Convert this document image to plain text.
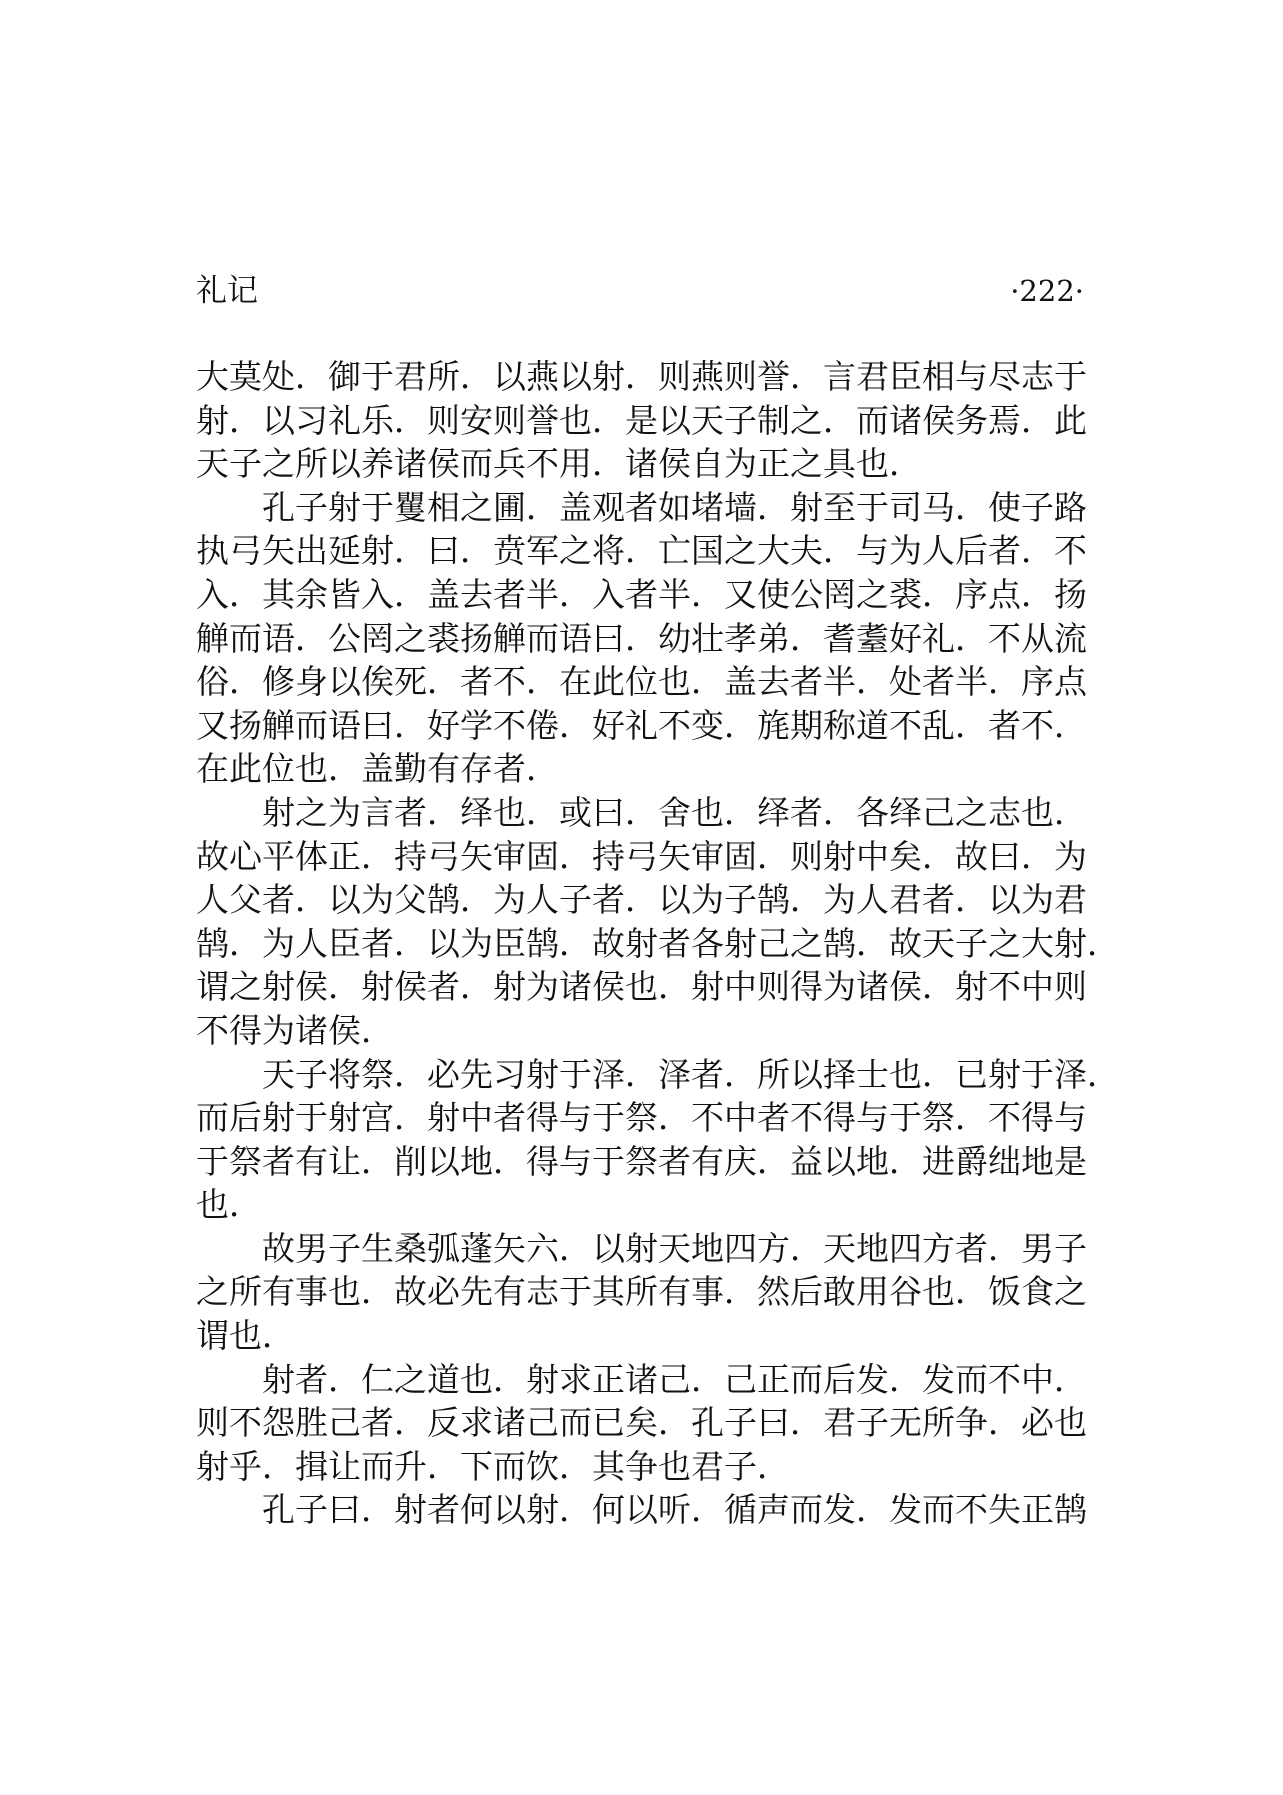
礼记	·222·
大莫处．御于君所．以燕以射．则燕则誉．言君臣相与尽志于
射．以习礼乐．则安则誉也．是以天子制之．而诸侯务焉．此
天子之所以养诸侯而兵不用．诸侯自为正之具也．
孔子射于矍相之圃．盖观者如堵墙．射至于司马．使子路
执弓矢出延射．曰．贲军之将．亡国之大夫．与为人后者．不
入．其余皆入．盖去者半．入者半．又使公罔之裘．序点．扬
觯而语．公罔之裘扬觯而语曰．幼壮孝弟．耆耋好礼．不从流
俗．修身以俟死．者不．在此位也．盖去者半．处者半．序点
又扬觯而语曰．好学不倦．好礼不变．旄期称道不乱．者不．
在此位也．盖勤有存者．
射之为言者．绎也．或曰．舍也．绎者．各绎己之志也．
故心平体正．持弓矢审固．持弓矢审固．则射中矣．故曰．为
人父者．以为父鹄．为人子者．以为子鹄．为人君者．以为君
鹄．为人臣者．以为臣鹄．故射者各射己之鹄．故天子之大射．
谓之射侯．射侯者．射为诸侯也．射中则得为诸侯．射不中则
不得为诸侯．
天子将祭．必先习射于泽．泽者．所以择士也．已射于泽．
而后射于射宫．射中者得与于祭．不中者不得与于祭．不得与
于祭者有让．削以地．得与于祭者有庆．益以地．进爵绌地是
也．
故男子生桑弧蓬矢六．以射天地四方．天地四方者．男子
之所有事也．故必先有志于其所有事．然后敢用谷也．饭食之
谓也．
射者．仁之道也．射求正诸己．己正而后发．发而不中．
则不怨胜己者．反求诸己而已矣．孔子曰．君子无所争．必也
射乎．揖让而升．下而饮．其争也君子．
孔子曰．射者何以射．何以听．循声而发．发而不失正鹄
